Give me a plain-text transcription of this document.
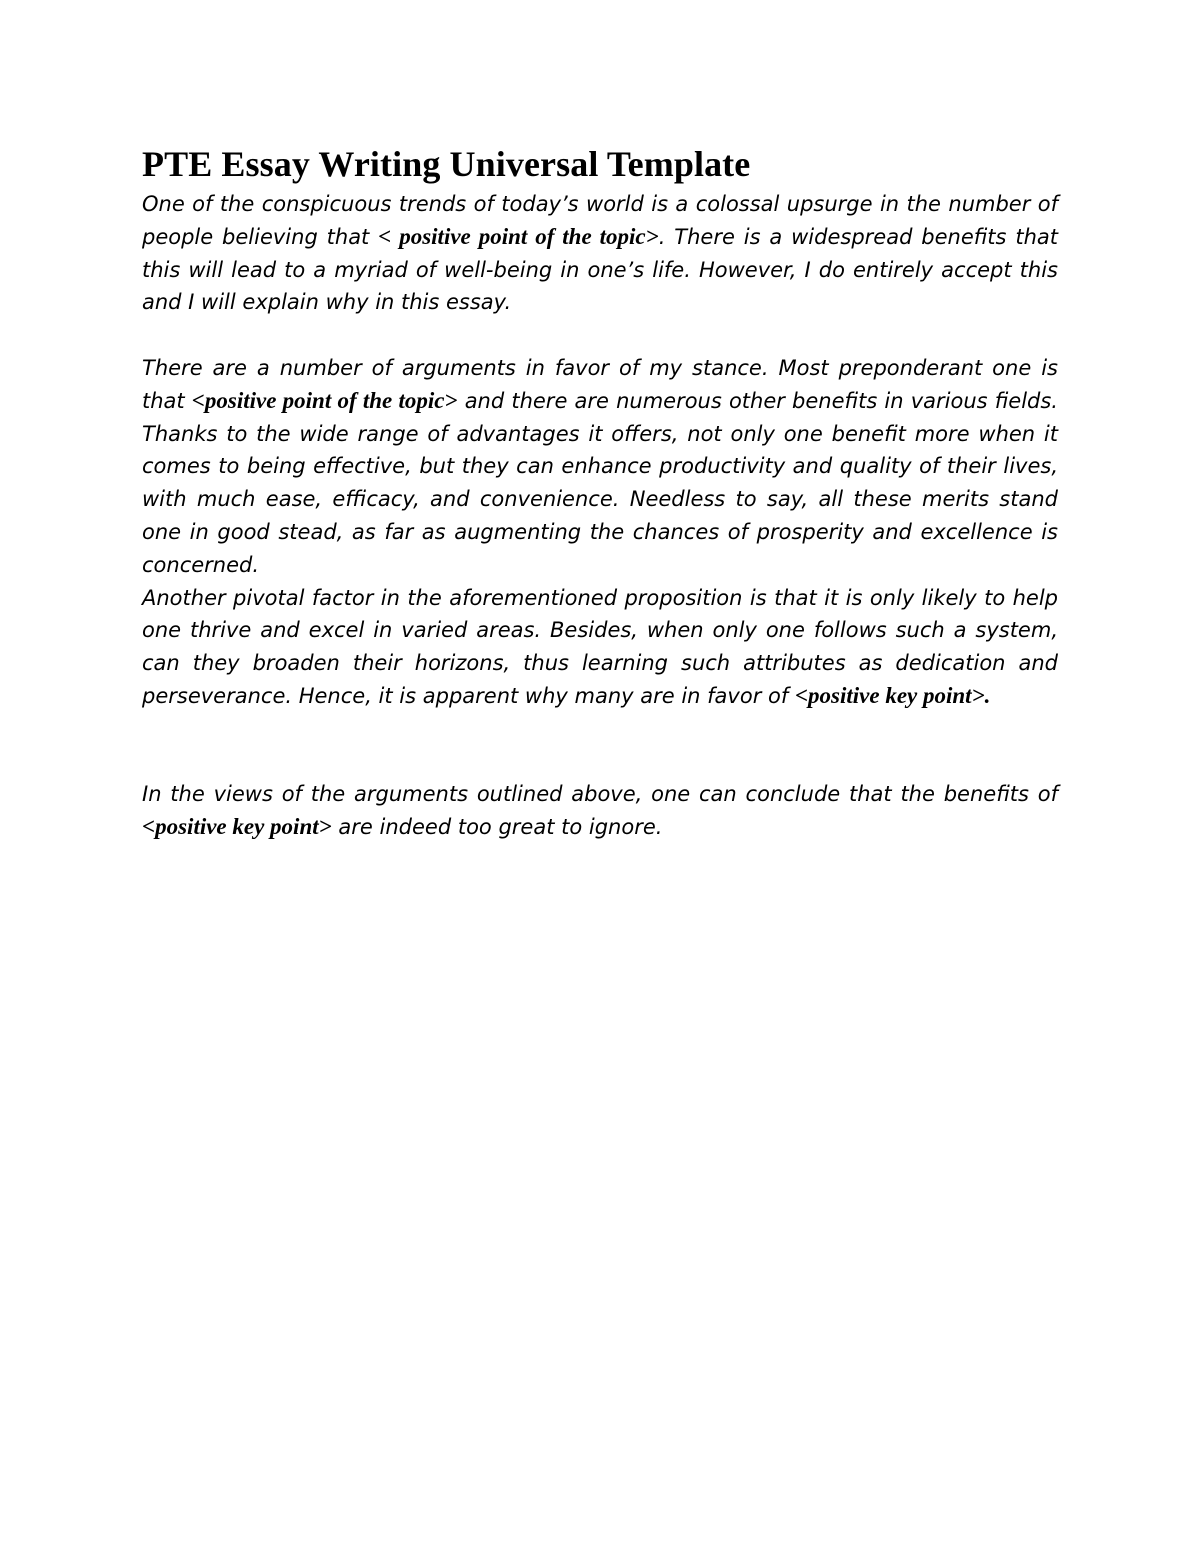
PTE Essay Writing Universal Template

One of the conspicuous trends of today’s world is a colossal upsurge in the number of people believing that < positive point of the topic>. There is a widespread benefits that this will lead to a myriad of well-being in one’s life. However, I do entirely accept this and I will explain why in this essay.

There are a number of arguments in favor of my stance. Most preponderant one is that <positive point of the topic> and there are numerous other benefits in various fields. Thanks to the wide range of advantages it offers, not only one benefit more when it comes to being effective, but they can enhance productivity and quality of their lives, with much ease, efficacy, and convenience. Needless to say, all these merits stand one in good stead, as far as augmenting the chances of prosperity and excellence is concerned.

Another pivotal factor in the aforementioned proposition is that it is only likely to help one thrive and excel in varied areas. Besides, when only one follows such a system, can they broaden their horizons, thus learning such attributes as dedication and perseverance. Hence, it is apparent why many are in favor of <positive key point>.

In the views of the arguments outlined above, one can conclude that the benefits of <positive key point> are indeed too great to ignore.
